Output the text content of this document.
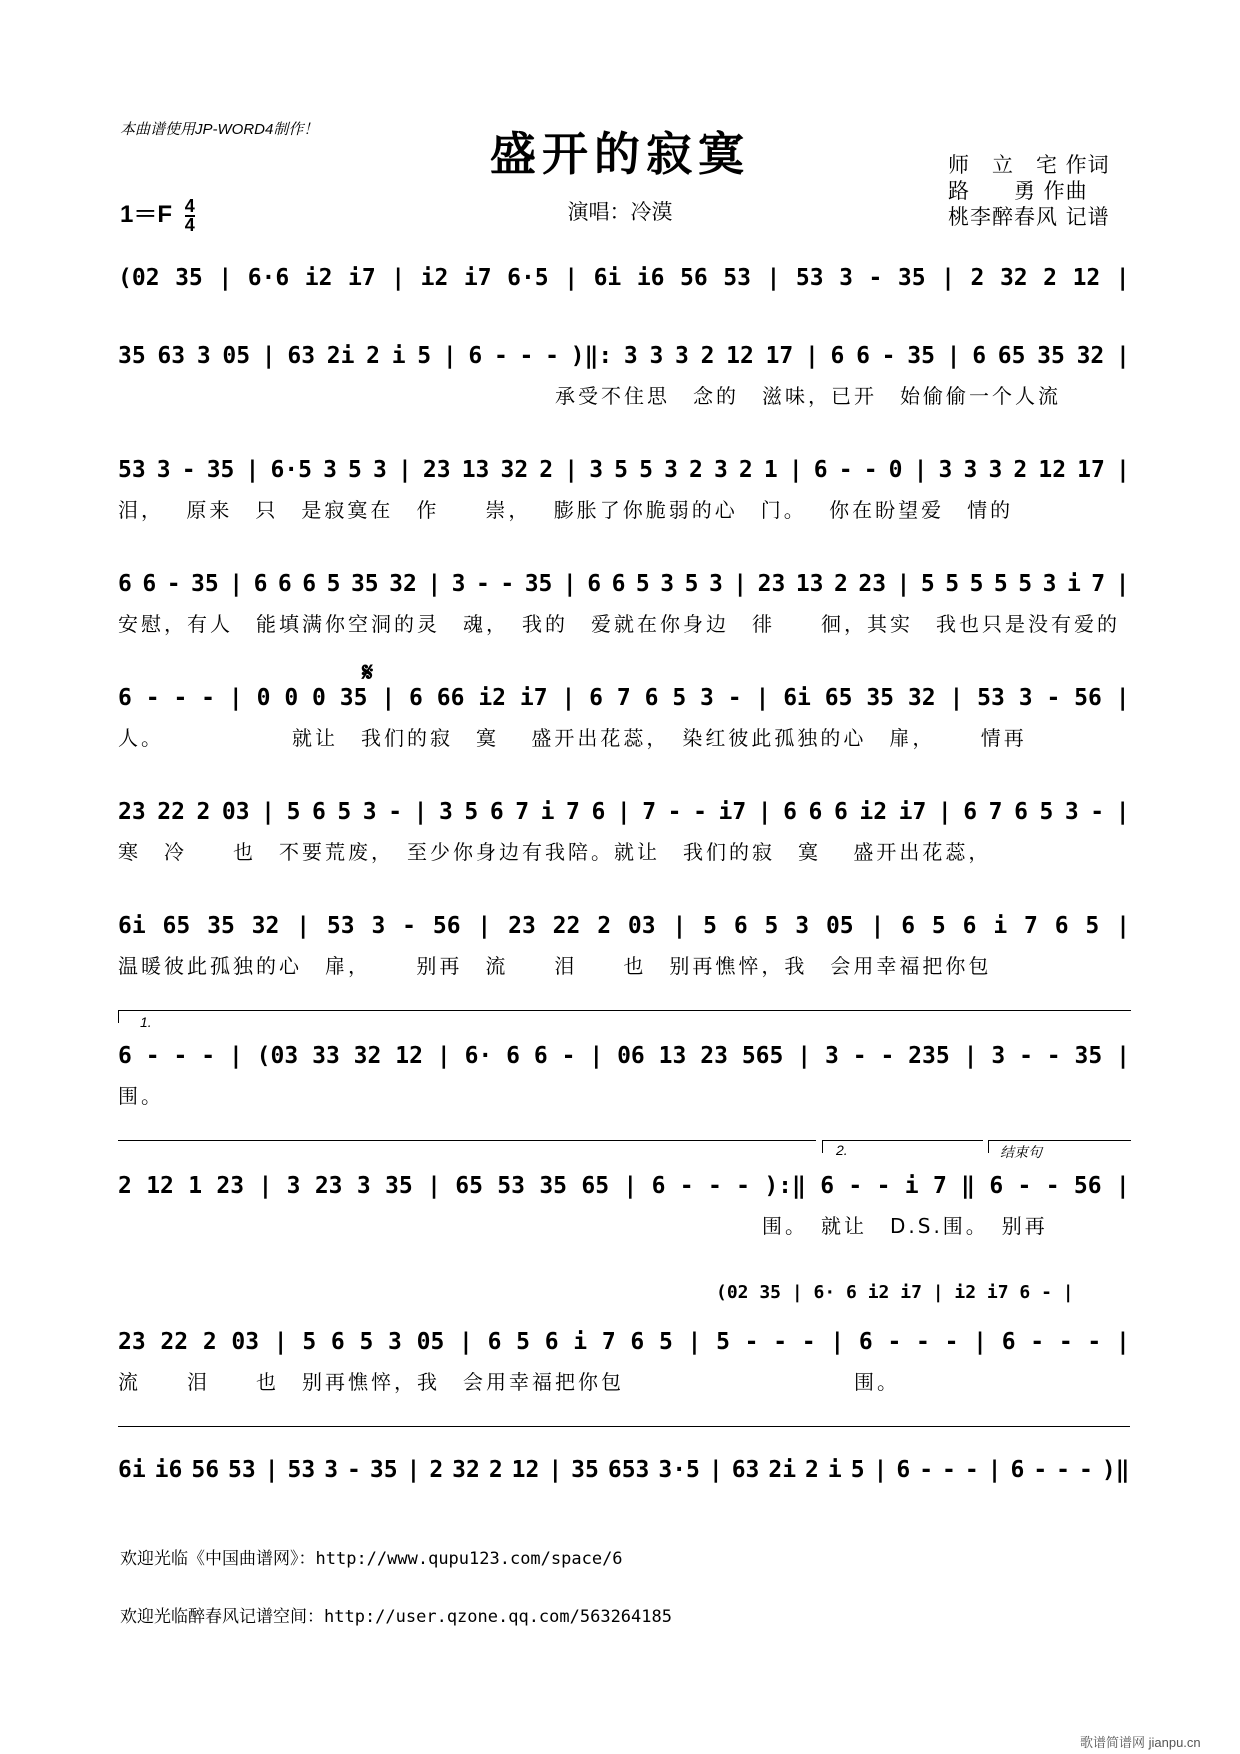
本曲谱使用JP-WORD4制作！	盛开的寂寞
演唱：冷漠
师　立　宅 作词
路　　勇 作曲
桃李醉春风 记谱
$1=F \frac{4}{4}$
(02 35 | 6·6 i2 i7 | i2 i7 6·5 | 6i i6 56 53 | 53 3 - 35 | 2 32 2 12 |
35 63 3 05 | 63 2i 2 i 5 | 6 - - - )‖: 3 3 3 2 12 17 | 6 6 - 35 | 6 65 35 32 |
　　　　　　　　　　　　　　　　　　　承受不住思　念的　滋味，已开　始偷偷一个人流
53 3 - 35 | 6·5 3 5 3 | 23 13 32 2 | 3 5 5 3 2 3 2 1 | 6 - - 0 | 3 3 3 2 12 17 |
泪，　 原来　只　是寂寞在　作　　崇，　 膨胀了你脆弱的心　门。　 你在盼望爱　情的
6 6 - 35 | 6 6 6 5 35 32 | 3 - - 35 | 6 6 5 3 5 3 | 23 13 2 23 | 5 5 5 5 5 3 i 7 |
安慰，有人　能填满你空洞的灵　魂，　我的　爱就在你身边　徘　　徊，其实　我也只是没有爱的
𝄋
6 - - - | 0 0 0 35 | 6 66 i2 i7 | 6 7 6 5 3 - | 6i 65 35 32 | 53 3 - 56 |
人。　　　　　　就让　我们的寂　寞　 盛开出花蕊，　染红彼此孤独的心　扉，　　 情再
23 22 2 03 | 5 6 5 3 - | 3 5 6 7 i 7 6 | 7 - - i7 | 6 6 6 i2 i7 | 6 7 6 5 3 - |
寒　冷　　也　不要荒废，　至少你身边有我陪。就让　我们的寂　寞　 盛开出花蕊，
6i 65 35 32 | 53 3 - 56 | 23 22 2 03 | 5 6 5 3 05 | 6 5 6 i 7 6 5 |
温暖彼此孤独的心　扉，　　 别再　流　　泪　　也　别再憔悴，我　会用幸福把你包
1.
6 - - - | (03 33 32 12 | 6· 6 6 - | 06 13 23 565 | 3 - - 235 | 3 - - 35 |
围。
2.	结束句
2 12 1 23 | 3 23 3 35 | 65 53 35 65 | 6 - - - ):‖ 6 - - i 7 ‖ 6 - - 56 |
　　　　　　　　　　　　　　　　　　　　　　　　　　　　围。　就让　D.S.围。　别再
(02 35 | 6· 6 i2 i7 | i2 i7 6 - |
23 22 2 03 | 5 6 5 3 05 | 6 5 6 i 7 6 5 | 5 - - - | 6 - - - | 6 - - - |
流　　泪　　也　别再憔悴，我　会用幸福把你包　　　　　　　　　　围。
6i i6 56 53 | 53 3 - 35 | 2 32 2 12 | 35 653 3·5 | 63 2i 2 i 5 | 6 - - - | 6 - - - )‖
欢迎光临《中国曲谱网》：http://www.qupu123.com/space/6
欢迎光临醉春风记谱空间：http://user.qzone.qq.com/563264185
歌谱简谱网 jianpu.cn
